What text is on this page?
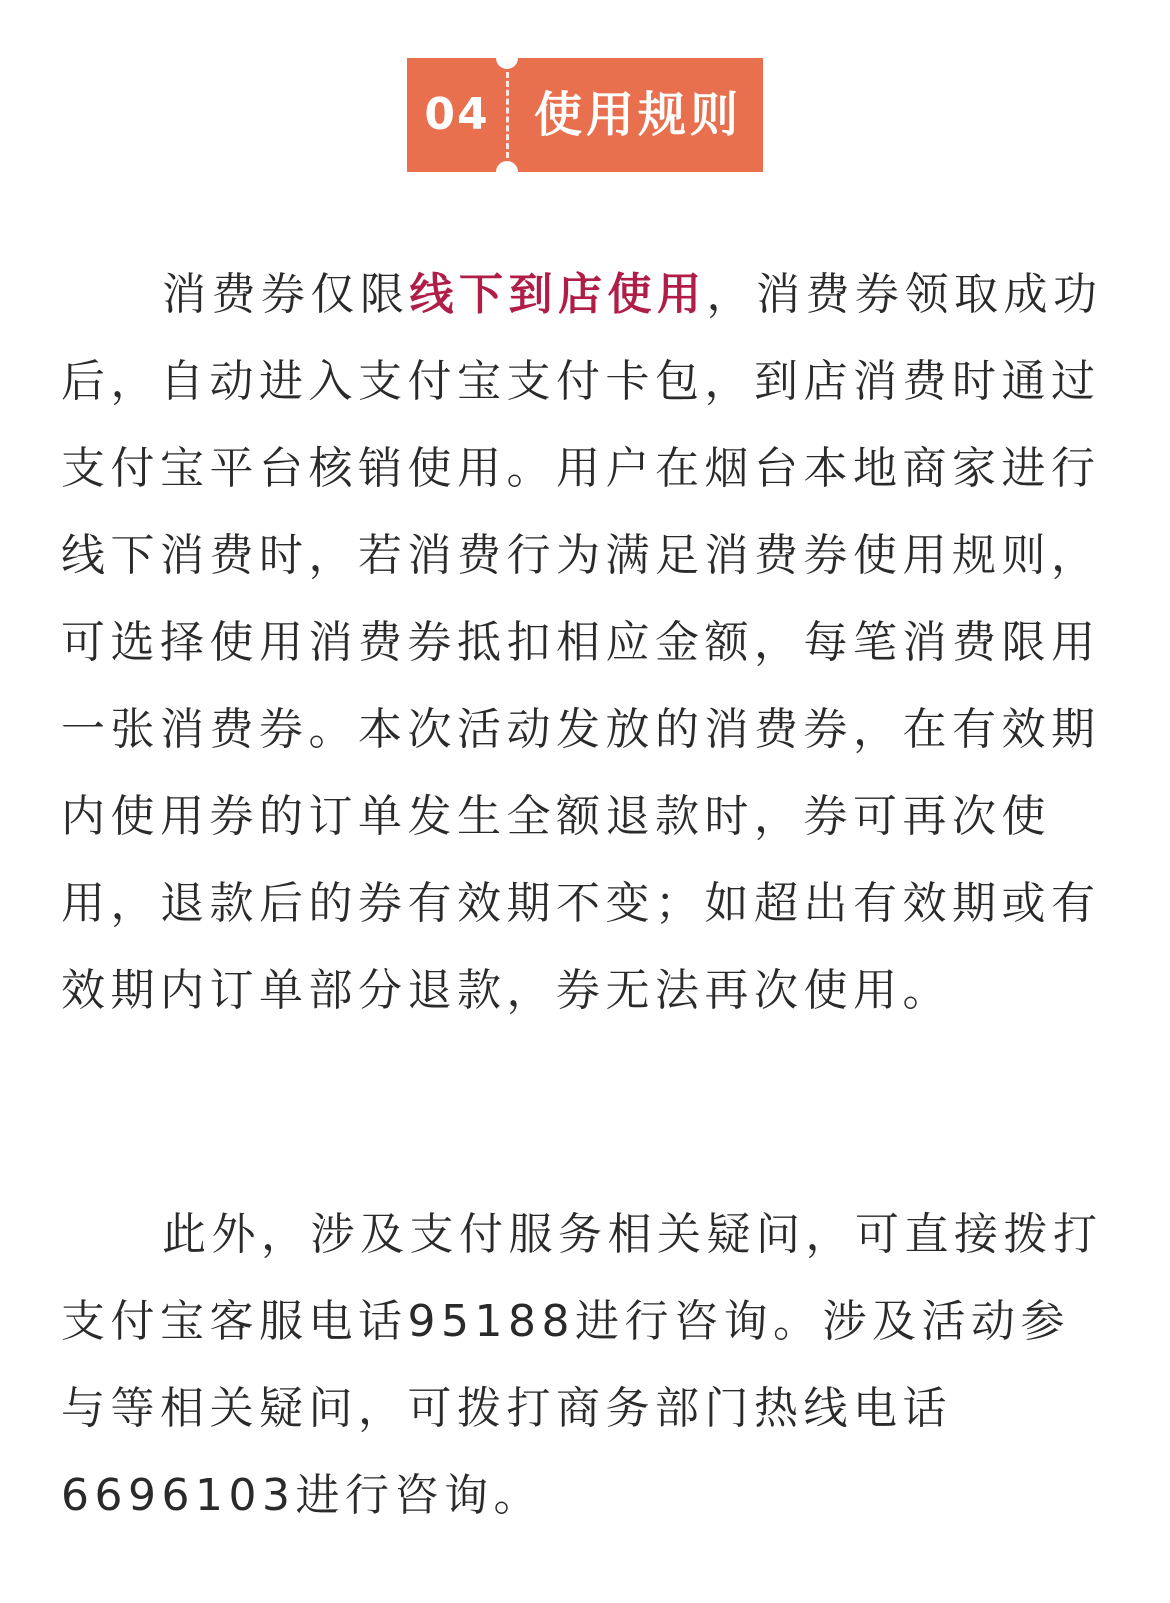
04 使用规则
消费券仅限线下到店使用，消费券领取成功后，自动进入支付宝支付卡包，到店消费时通过支付宝平台核销使用。用户在烟台本地商家进行线下消费时，若消费行为满足消费券使用规则，可选择使用消费券抵扣相应金额，每笔消费限用一张消费券。本次活动发放的消费券，在有效期内使用券的订单发生全额退款时，券可再次使用，退款后的券有效期不变；如超出有效期或有效期内订单部分退款，券无法再次使用。
此外，涉及支付服务相关疑问，可直接拨打支付宝客服电话95188进行咨询。涉及活动参与等相关疑问，可拨打商务部门热线电话6696103进行咨询。
